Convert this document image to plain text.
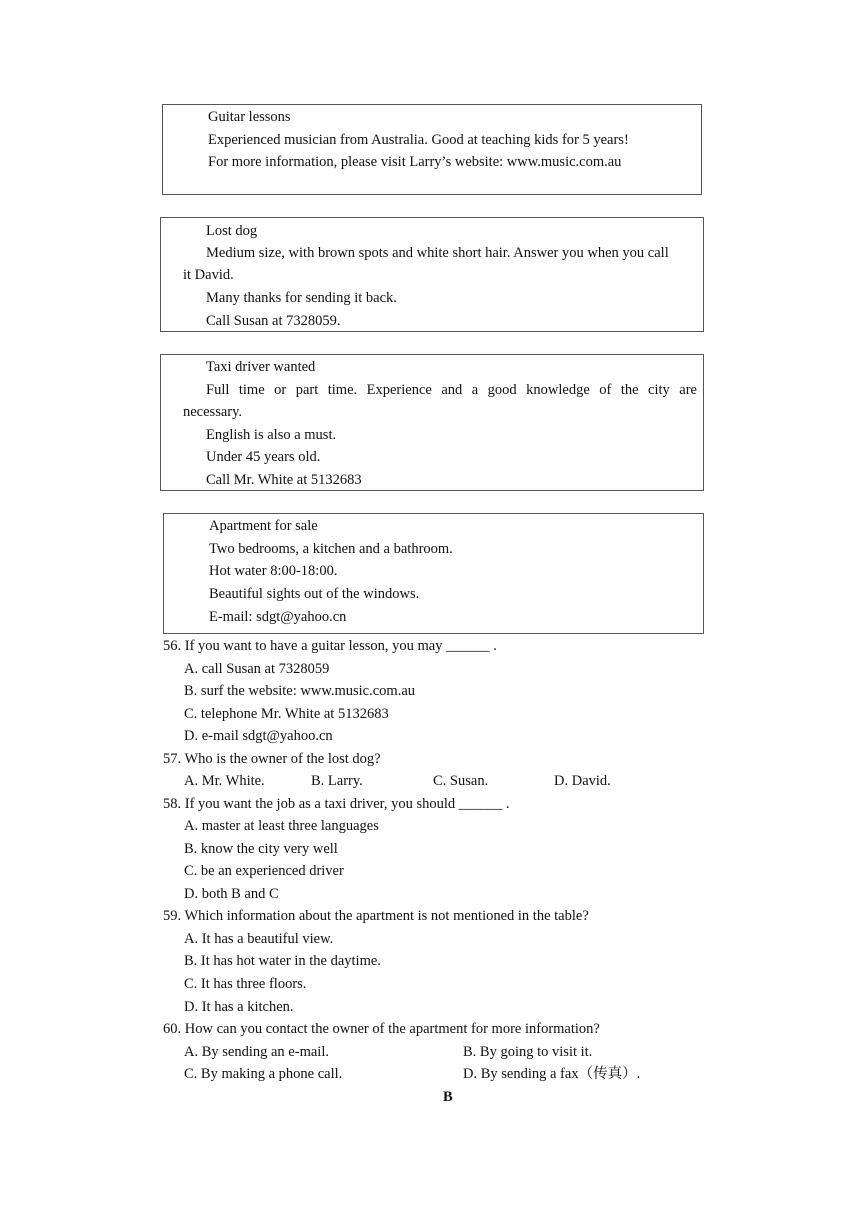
Guitar lessons
Experienced musician from Australia. Good at teaching kids for 5 years!
For more information, please visit Larry’s website: www.music.com.au
Lost dog
Medium size, with brown spots and white short hair. Answer you when you call
it David.
Many thanks for sending it back.
Call Susan at 7328059.
Taxi driver wanted
Full time or part time. Experience and a good knowledge of the city are
necessary.
English is also a must.
Under 45 years old.
Call Mr. White at 5132683
Apartment for sale
Two bedrooms, a kitchen and a bathroom.
Hot water 8:00-18:00.
Beautiful sights out of the windows.
E-mail: sdgt@yahoo.cn
56. If you want to have a guitar lesson, you may ______ .
A. call Susan at 7328059
B. surf the website: www.music.com.au
C. telephone Mr. White at 5132683
D. e-mail sdgt@yahoo.cn
57. Who is the owner of the lost dog?
A. Mr. White.	B. Larry.	C. Susan.	D. David.
58. If you want the job as a taxi driver, you should ______ .
A. master at least three languages
B. know the city very well
C. be an experienced driver
D. both B and C
59. Which information about the apartment is not mentioned in the table?
A. It has a beautiful view.
B. It has hot water in the daytime.
C. It has three floors.
D. It has a kitchen.
60. How can you contact the owner of the apartment for more information?
A. By sending an e-mail.	B. By going to visit it.
C. By making a phone call.	D. By sending a fax（传真）.
B
